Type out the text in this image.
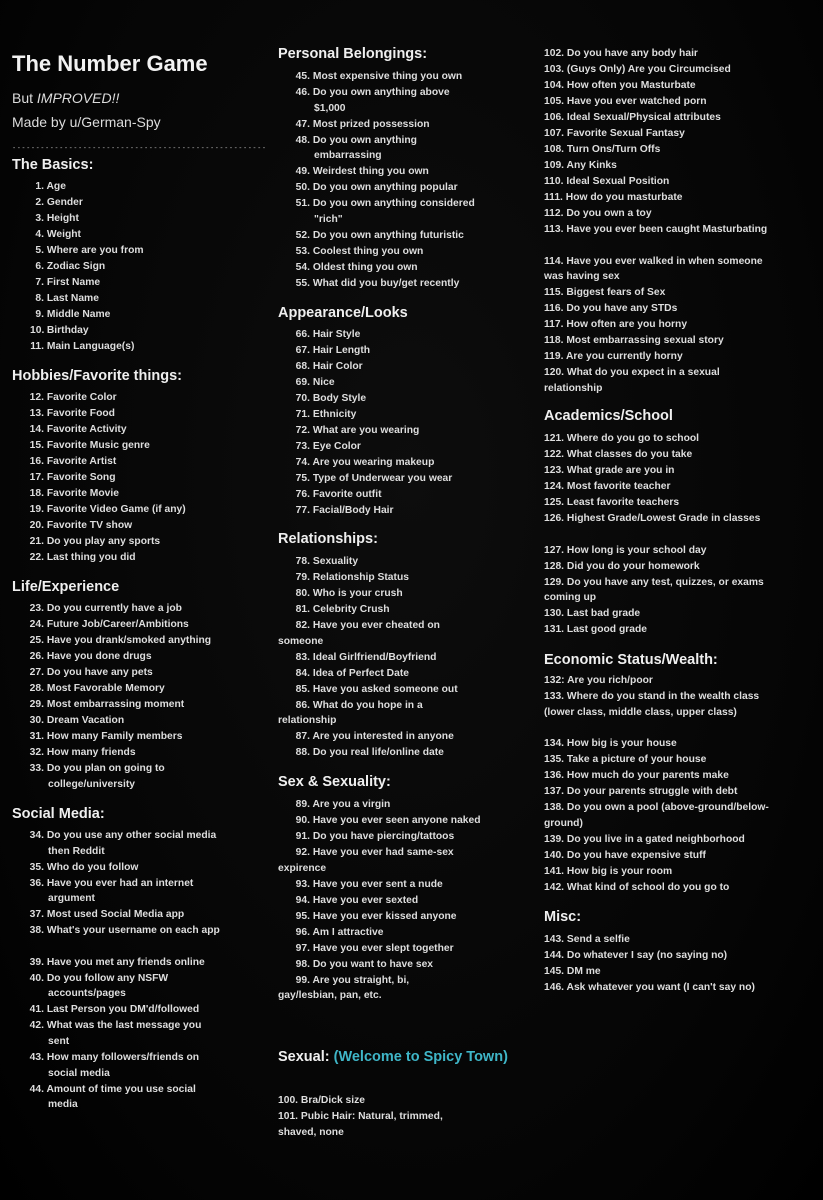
The Number Game
But IMPROVED!!
Made by u/German-Spy
------------------------------------------------------
The Basics:
1. Age
2. Gender
3. Height
4. Weight
5. Where are you from
6. Zodiac Sign
7. First Name
8. Last Name
9. Middle Name
10. Birthday
11. Main Language(s)
Hobbies/Favorite things:
12. Favorite Color
13. Favorite Food
14. Favorite Activity
15. Favorite Music genre
16. Favorite Artist
17. Favorite Song
18. Favorite Movie
19. Favorite Video Game (if any)
20. Favorite TV show
21. Do you play any sports
22. Last thing you did
Life/Experience
23. Do you currently have a job
24. Future Job/Career/Ambitions
25. Have you drank/smoked anything
26. Have you done drugs
27. Do you have any pets
28. Most Favorable Memory
29. Most embarrassing moment
30. Dream Vacation
31. How many Family members
32. How many friends
33. Do you plan on going to college/university
Social Media:
34. Do you use any other social media then Reddit
35. Who do you follow
36. Have you ever had an internet argument
37. Most used Social Media app
38. What's your username on each app
39. Have you met any friends online
40. Do you follow any NSFW accounts/pages
41. Last Person you DM'd/followed
42. What was the last message you sent
43. How many followers/friends on social media
44. Amount of time you use social media
Personal Belongings:
45. Most expensive thing you own
46. Do you own anything above $1,000
47. Most prized possession
48. Do you own anything embarrassing
49. Weirdest thing you own
50. Do you own anything popular
51. Do you own anything considered "rich"
52. Do you own anything futuristic
53. Coolest thing you own
54. Oldest thing you own
55. What did you buy/get recently
Appearance/Looks
66. Hair Style
67. Hair Length
68. Hair Color
69. Nice
70. Body Style
71. Ethnicity
72. What are you wearing
73. Eye Color
74. Are you wearing makeup
75. Type of Underwear you wear
76. Favorite outfit
77. Facial/Body Hair
Relationships:
78. Sexuality
79. Relationship Status
80. Who is your crush
81. Celebrity Crush
82. Have you ever cheated on someone
83. Ideal Girlfriend/Boyfriend
84. Idea of Perfect Date
85. Have you asked someone out
86. What do you hope in a relationship
87. Are you interested in anyone
88. Do you real life/online date
Sex & Sexuality:
89. Are you a virgin
90. Have you ever seen anyone naked
91. Do you have piercing/tattoos
92. Have you ever had same-sex expirence
93. Have you ever sent a nude
94. Have you ever sexted
95. Have you ever kissed anyone
96. Am I attractive
97. Have you ever slept together
98. Do you want to have sex
99. Are you straight, bi, gay/lesbian, pan, etc.
Sexual: (Welcome to Spicy Town)
100. Bra/Dick size
101. Pubic Hair: Natural, trimmed, shaved, none
102. Do you have any body hair
103. (Guys Only) Are you Circumcised
104. How often you Masturbate
105. Have you ever watched porn
106. Ideal Sexual/Physical attributes
107. Favorite Sexual Fantasy
108. Turn Ons/Turn Offs
109. Any Kinks
110. Ideal Sexual Position
111. How do you masturbate
112. Do you own a toy
113. Have you ever been caught Masturbating
114. Have you ever walked in when someone was having sex
115. Biggest fears of Sex
116. Do you have any STDs
117. How often are you horny
118. Most embarrassing sexual story
119. Are you currently horny
120. What do you expect in a sexual relationship
Academics/School
121. Where do you go to school
122. What classes do you take
123. What grade are you in
124. Most favorite teacher
125. Least favorite teachers
126. Highest Grade/Lowest Grade in classes
127. How long is your school day
128. Did you do your homework
129. Do you have any test, quizzes, or exams coming up
130. Last bad grade
131. Last good grade
Economic Status/Wealth:
132: Are you rich/poor
133. Where do you stand in the wealth class (lower class, middle class, upper class)
134. How big is your house
135. Take a picture of your house
136. How much do your parents make
137. Do your parents struggle with debt
138. Do you own a pool (above-ground/below-ground)
139. Do you live in a gated neighborhood
140. Do you have expensive stuff
141. How big is your room
142. What kind of school do you go to
Misc:
143. Send a selfie
144. Do whatever I say (no saying no)
145. DM me
146. Ask whatever you want (I can't say no)
